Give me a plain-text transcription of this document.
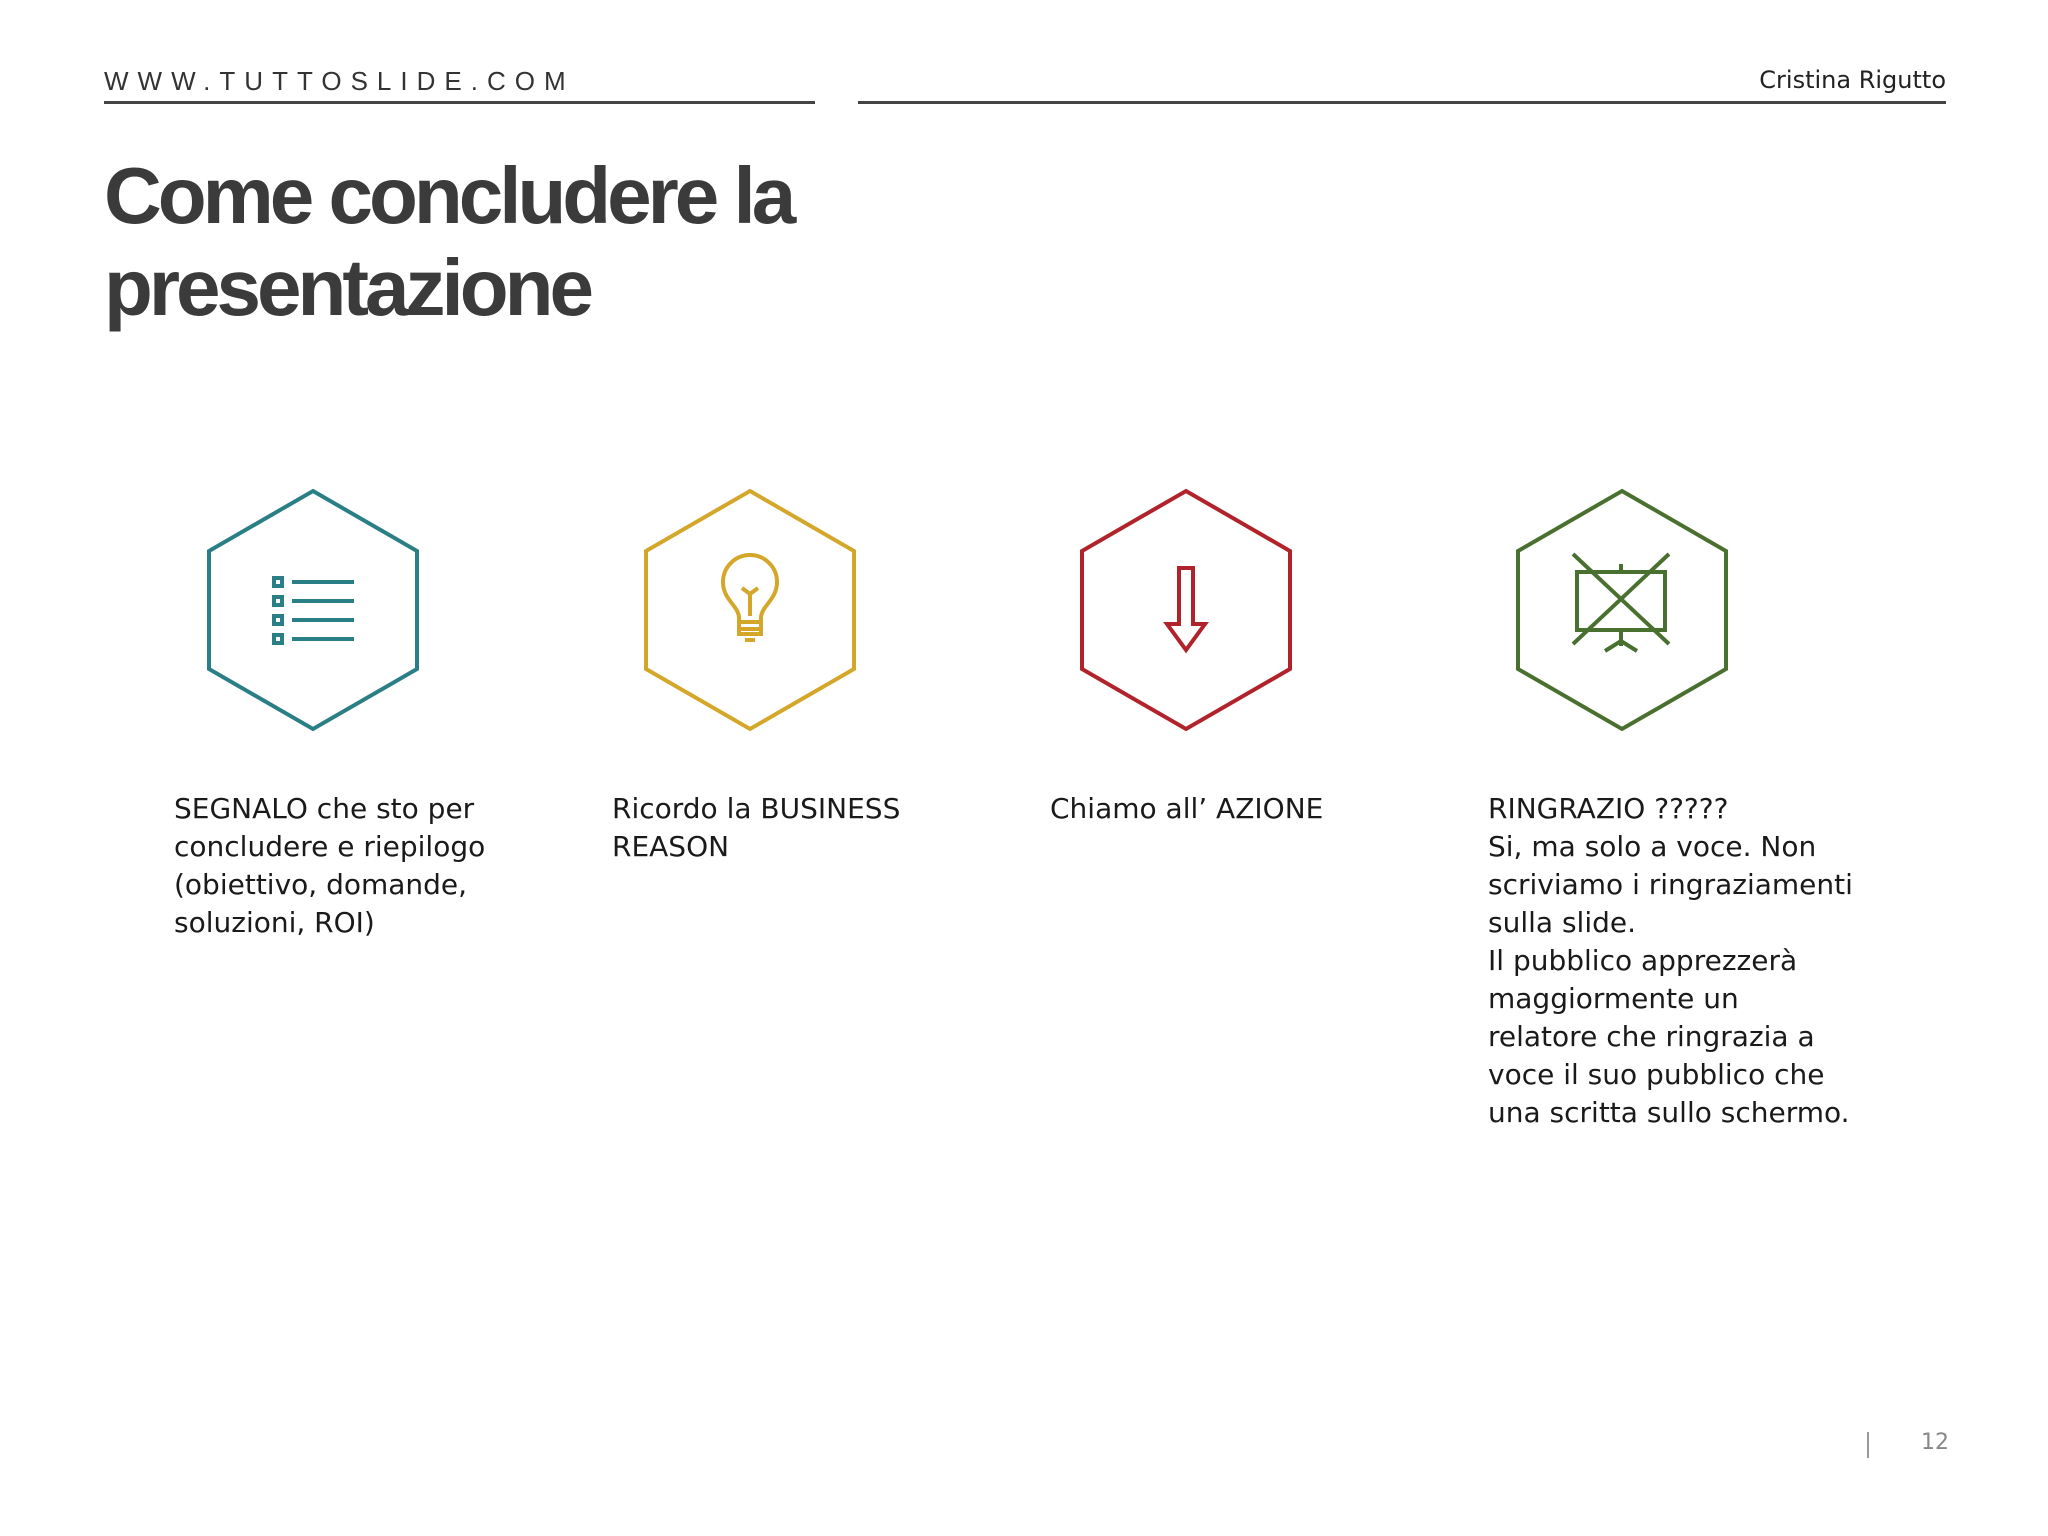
WWW.TUTTOSLIDE.COM	Cristina Rigutto
Come concludere la presentazione
SEGNALO che sto per
concludere e riepilogo
(obiettivo, domande,
soluzioni, ROI)
Ricordo la BUSINESS
REASON
Chiamo all’ AZIONE	RINGRAZIO ?????
Si, ma solo a voce. Non
scriviamo i ringraziamenti
sulla slide.
Il pubblico apprezzerà
maggiormente un
relatore che ringrazia a
voce il suo pubblico che
una scritta sullo schermo.
12
